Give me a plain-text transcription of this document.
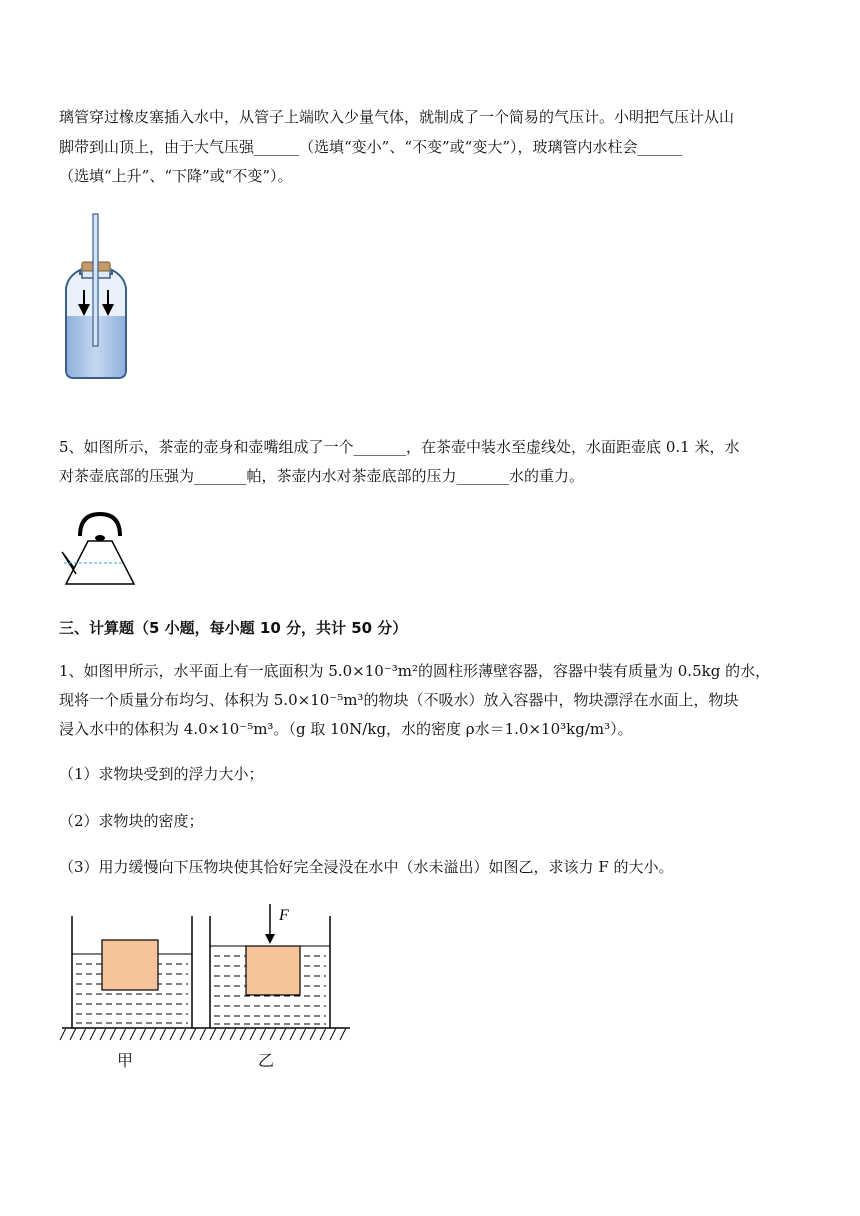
璃管穿过橡皮塞插入水中，从管子上端吹入少量气体，就制成了一个简易的气压计。小明把气压计从山
脚带到山顶上，由于大气压强______（选填“变小”、“不变”或“变大”），玻璃管内水柱会______
（选填“上升”、“下降”或“不变”）。
5、如图所示，茶壶的壶身和壶嘴组成了一个_______，在茶壶中装水至虚线处，水面距壶底 0.1 米，水
对茶壶底部的压强为_______帕，茶壶内水对茶壶底部的压力_______水的重力。
三、计算题（5 小题，每小题 10 分，共计 50 分）
1、如图甲所示，水平面上有一底面积为 5.0×10⁻³m²的圆柱形薄壁容器，容器中装有质量为 0.5kg 的水，
现将一个质量分布均匀、体积为 5.0×10⁻⁵m³的物块（不吸水）放入容器中，物块漂浮在水面上，物块
浸入水中的体积为 4.0×10⁻⁵m³。（g 取 10N/kg，水的密度 ρ水＝1.0×10³kg/m³）。
（1）求物块受到的浮力大小；
（2）求物块的密度；
（3）用力缓慢向下压物块使其恰好完全浸没在水中（水未溢出）如图乙，求该力 F 的大小。
F
甲	乙
